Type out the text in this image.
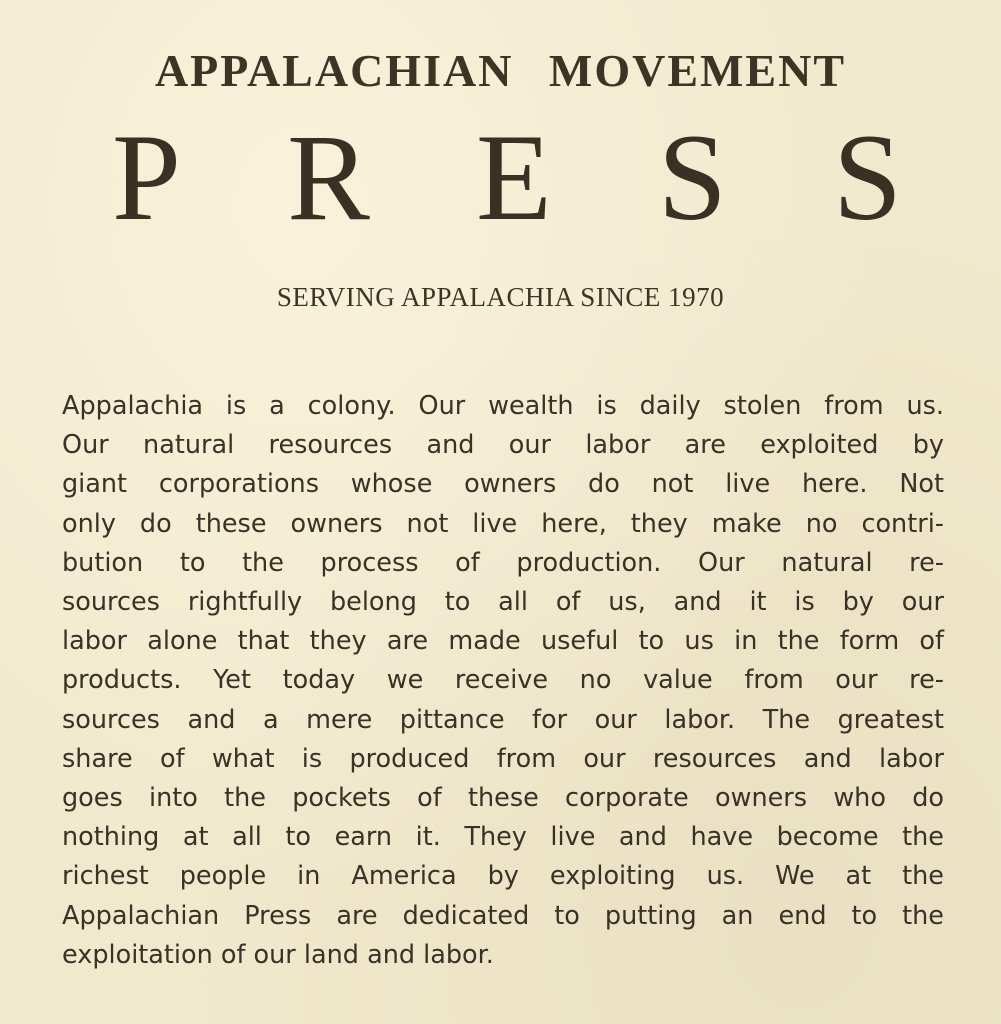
APPALACHIAN MOVEMENT
P R E S S
SERVING APPALACHIA SINCE 1970
Appalachia is a colony. Our wealth is daily stolen from us.
Our natural resources and our labor are exploited by
giant corporations whose owners do not live here. Not
only do these owners not live here, they make no contri-
bution to the process of production. Our natural re-
sources rightfully belong to all of us, and it is by our
labor alone that they are made useful to us in the form of
products. Yet today we receive no value from our re-
sources and a mere pittance for our labor. The greatest
share of what is produced from our resources and labor
goes into the pockets of these corporate owners who do
nothing at all to earn it. They live and have become the
richest people in America by exploiting us. We at the
Appalachian Press are dedicated to putting an end to the
exploitation of our land and labor.
